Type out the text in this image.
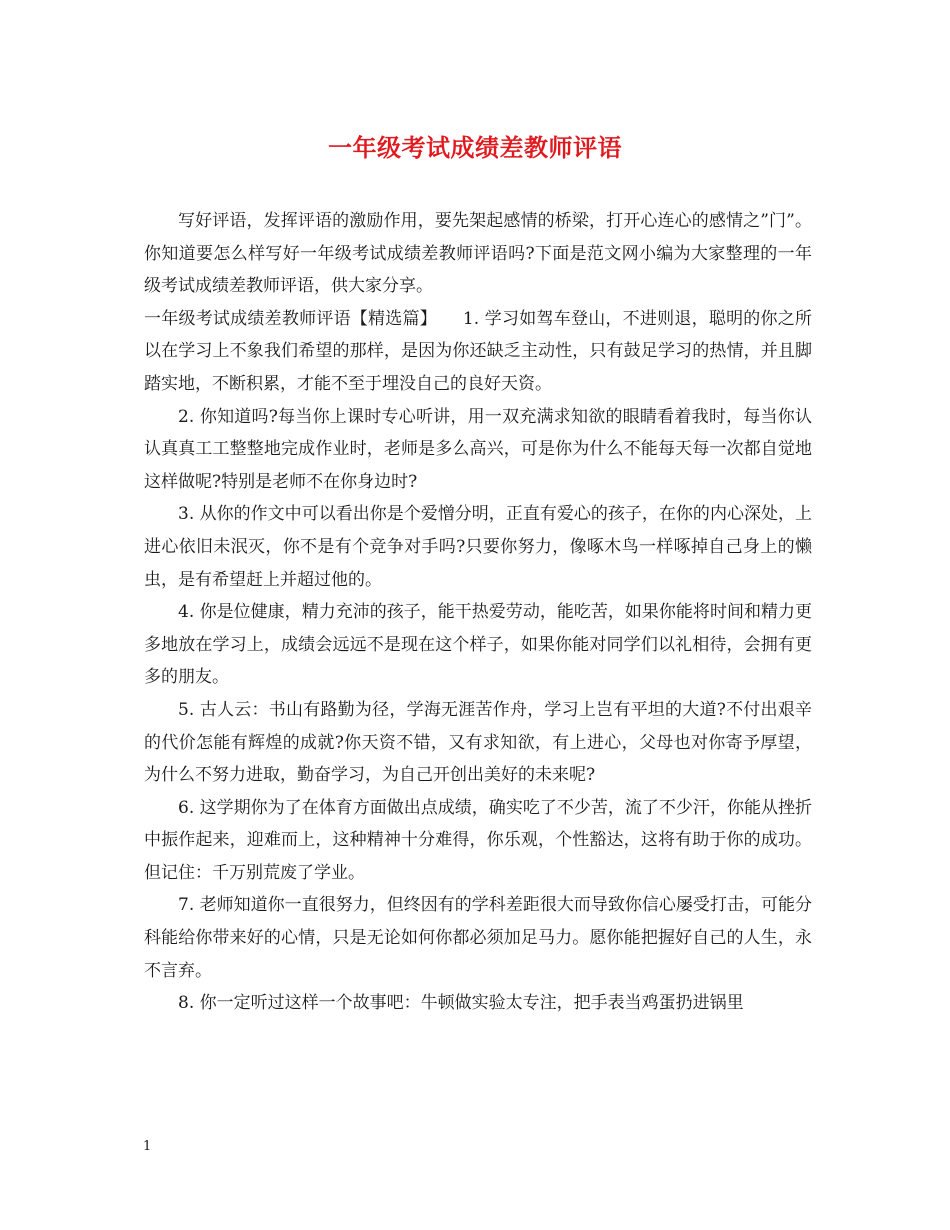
一年级考试成绩差教师评语

写好评语，发挥评语的激励作用，要先架起感情的桥梁，打开心连心的感情之”门”。你知道要怎么样写好一年级考试成绩差教师评语吗?下面是范文网小编为大家整理的一年级考试成绩差教师评语，供大家分享。

一年级考试成绩差教师评语【精选篇】　　1. 学习如驾车登山，不进则退，聪明的你之所以在学习上不象我们希望的那样，是因为你还缺乏主动性，只有鼓足学习的热情，并且脚踏实地，不断积累，才能不至于埋没自己的良好天资。

2. 你知道吗?每当你上课时专心听讲，用一双充满求知欲的眼睛看着我时，每当你认认真真工工整整地完成作业时，老师是多么高兴，可是你为什么不能每天每一次都自觉地这样做呢?特别是老师不在你身边时?

3. 从你的作文中可以看出你是个爱憎分明，正直有爱心的孩子，在你的内心深处，上进心依旧未泯灭，你不是有个竞争对手吗?只要你努力，像啄木鸟一样啄掉自己身上的懒虫，是有希望赶上并超过他的。

4. 你是位健康，精力充沛的孩子，能干热爱劳动，能吃苦，如果你能将时间和精力更多地放在学习上，成绩会远远不是现在这个样子，如果你能对同学们以礼相待，会拥有更多的朋友。

5. 古人云：书山有路勤为径，学海无涯苦作舟，学习上岂有平坦的大道?不付出艰辛的代价怎能有辉煌的成就?你天资不错，又有求知欲，有上进心，父母也对你寄予厚望，为什么不努力进取，勤奋学习，为自己开创出美好的未来呢?

6. 这学期你为了在体育方面做出点成绩，确实吃了不少苦，流了不少汗，你能从挫折中振作起来，迎难而上，这种精神十分难得，你乐观，个性豁达，这将有助于你的成功。但记住：千万别荒废了学业。

7. 老师知道你一直很努力，但终因有的学科差距很大而导致你信心屡受打击，可能分科能给你带来好的心情，只是无论如何你都必须加足马力。愿你能把握好自己的人生，永不言弃。

8. 你一定听过这样一个故事吧：牛顿做实验太专注，把手表当鸡蛋扔进锅里

1
